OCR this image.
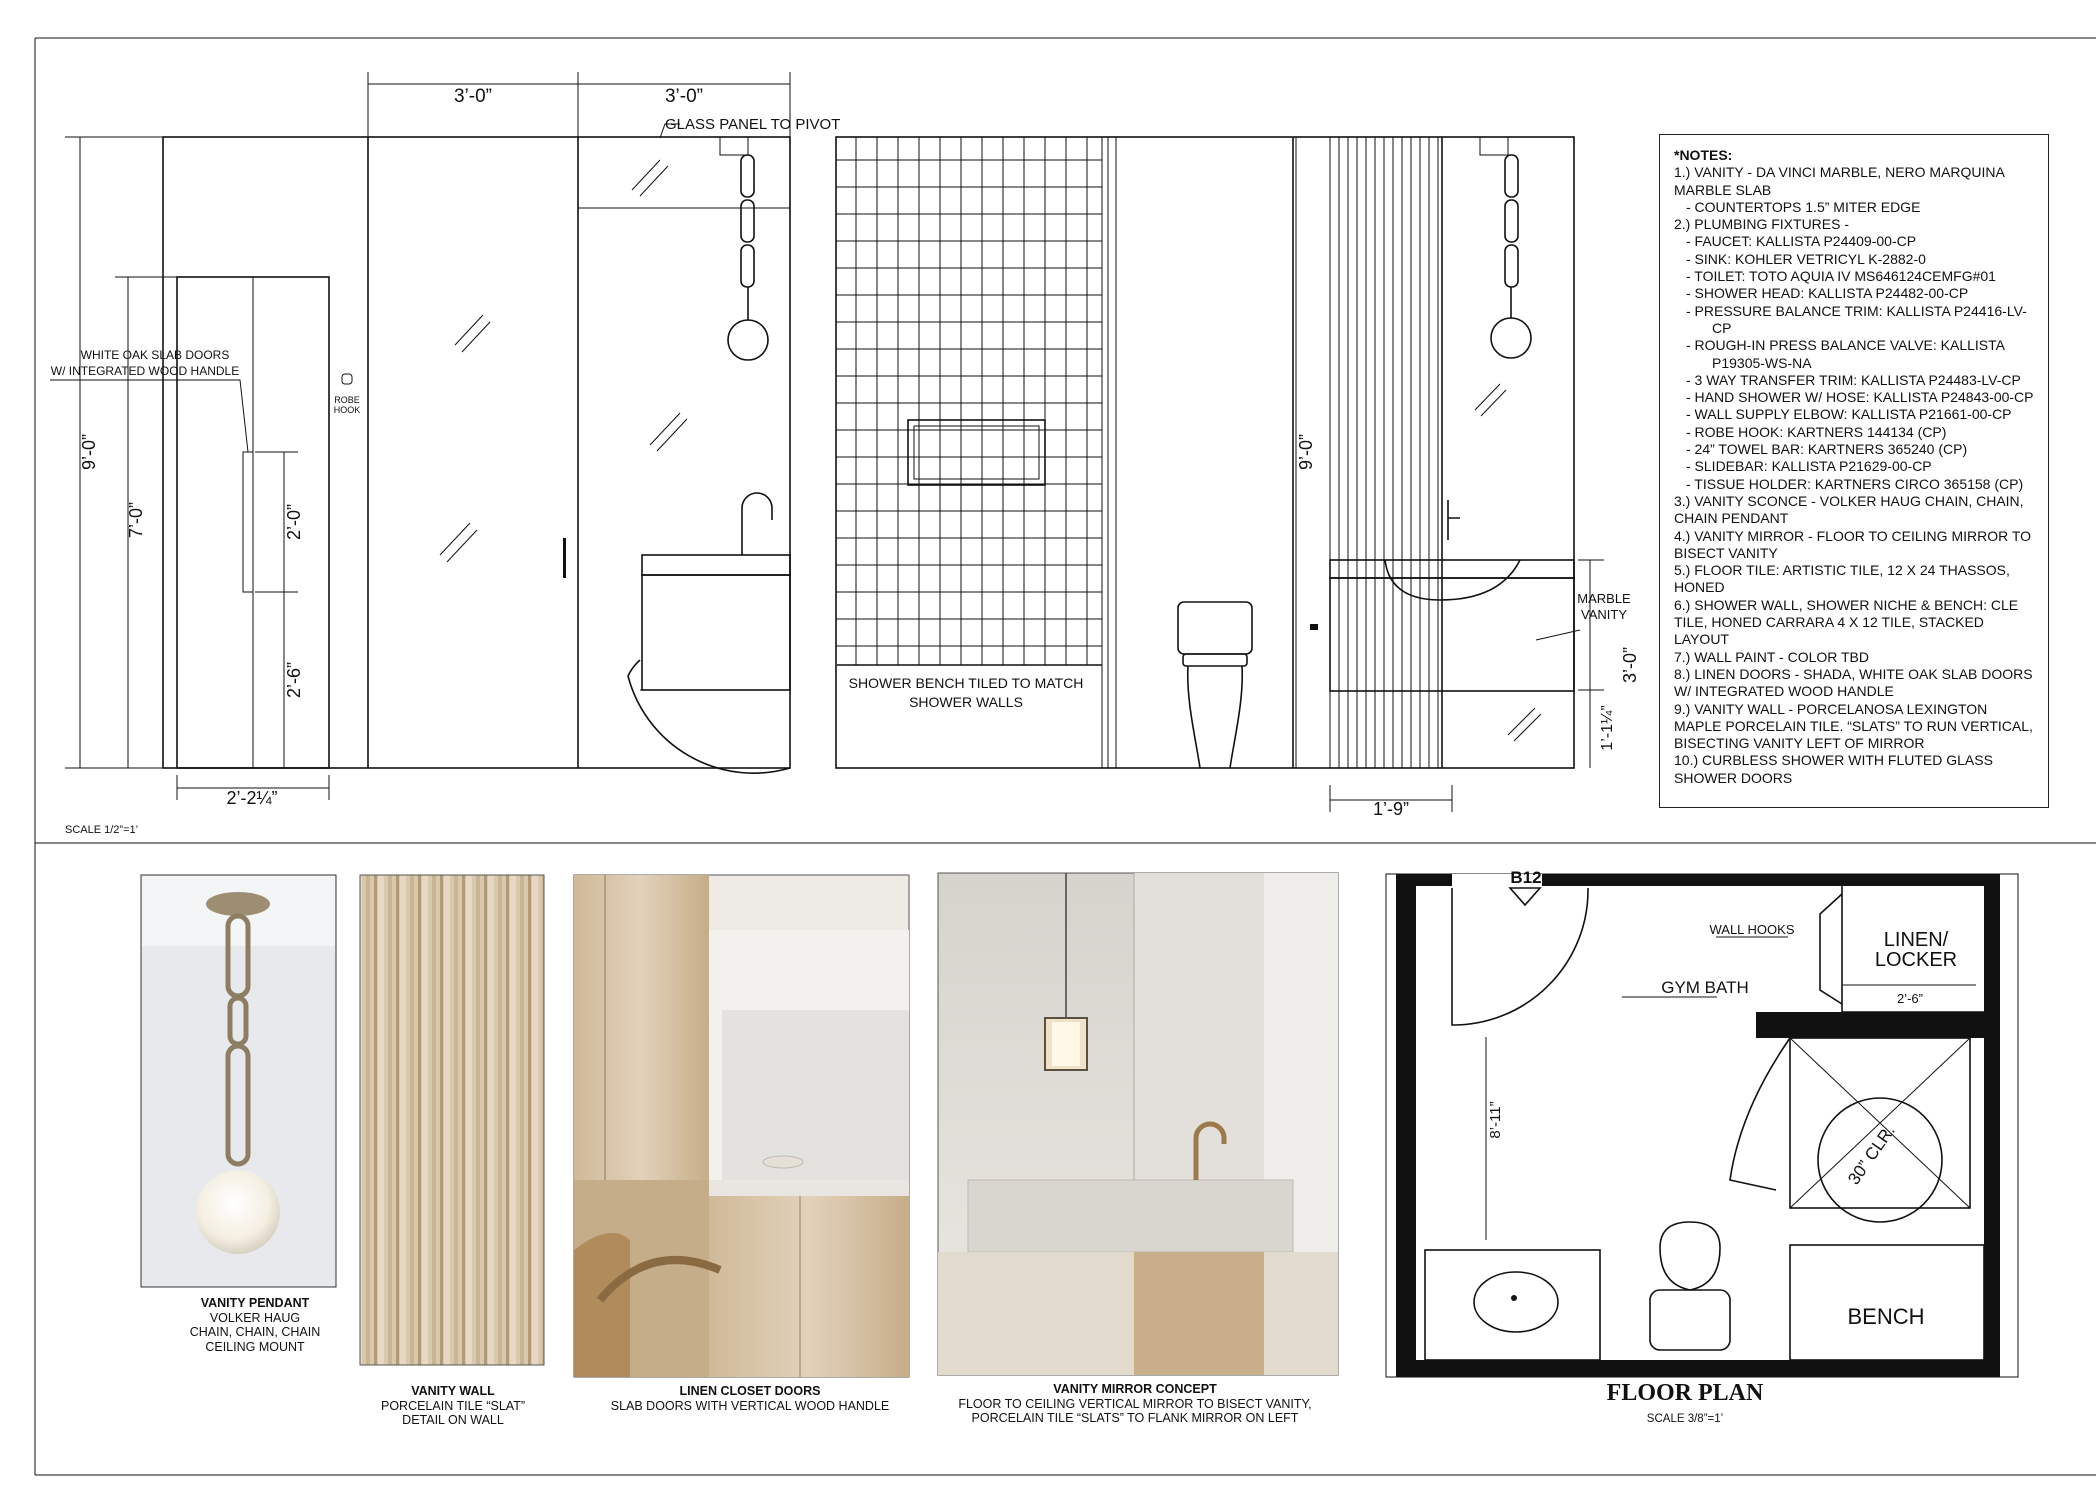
*NOTES:
1.) VANITY - DA VINCI MARBLE, NERO MARQUINA MARBLE SLAB
- COUNTERTOPS 1.5” MITER EDGE
2.) PLUMBING FIXTURES -
- FAUCET: KALLISTA P24409-00-CP
- SINK: KOHLER VETRICYL K-2882-0
- TOILET: TOTO AQUIA IV MS646124CEMFG#01
- SHOWER HEAD: KALLISTA P24482-00-CP
- PRESSURE BALANCE TRIM: KALLISTA P24416-LV-CP
- ROUGH-IN PRESS BALANCE VALVE: KALLISTA P19305-WS-NA
- 3 WAY TRANSFER TRIM: KALLISTA P24483-LV-CP
- HAND SHOWER W/ HOSE: KALLISTA P24843-00-CP
- WALL SUPPLY ELBOW: KALLISTA P21661-00-CP
- ROBE HOOK: KARTNERS 144134 (CP)
- 24” TOWEL BAR: KARTNERS 365240 (CP)
- SLIDEBAR: KALLISTA P21629-00-CP
- TISSUE HOLDER: KARTNERS CIRCO 365158 (CP)
3.) VANITY SCONCE - VOLKER HAUG CHAIN, CHAIN, CHAIN PENDANT
4.) VANITY MIRROR - FLOOR TO CEILING MIRROR TO BISECT VANITY
5.) FLOOR TILE: ARTISTIC TILE, 12 X 24 THASSOS, HONED
6.) SHOWER WALL, SHOWER NICHE & BENCH: CLE TILE, HONED CARRARA 4 X 12 TILE, STACKED LAYOUT
7.) WALL PAINT - COLOR TBD
8.) LINEN DOORS - SHADA, WHITE OAK SLAB DOORS W/ INTEGRATED WOOD HANDLE
9.) VANITY WALL - PORCELANOSA LEXINGTON MAPLE PORCELAIN TILE. “SLATS” TO RUN VERTICAL, BISECTING VANITY LEFT OF MIRROR
10.) CURBLESS SHOWER WITH FLUTED GLASS SHOWER DOORS
VANITY PENDANT
VOLKER HAUG
CHAIN, CHAIN, CHAIN
CEILING MOUNT
VANITY WALL
PORCELAIN TILE “SLAT”
DETAIL ON WALL
LINEN CLOSET DOORS
SLAB DOORS WITH VERTICAL WOOD HANDLE
VANITY MIRROR CONCEPT
FLOOR TO CEILING VERTICAL MIRROR TO BISECT VANITY,
PORCELAIN TILE “SLATS” TO FLANK MIRROR ON LEFT
FLOOR PLAN
SCALE 3/8”=1’
ROBE
HOOK
WHITE OAK SLAB DOORS
W/ INTEGRATED WOOD HANDLE
3’-0”	3’-0”
GLASS PANEL TO PIVOT
9’-0”
7’-0”	2’-0”
2’-6”
2’-2¼”
SCALE 1/2”=1’
SHOWER BENCH TILED TO MATCH
SHOWER WALLS
MARBLE
VANITY
9’-0”
3’-0”
1’-1¼”
1’-9”
B12
GYM BATH
WALL HOOKS	LINEN/
LOCKER
2’-6”
30” CLR.
BENCH
8’-11”
